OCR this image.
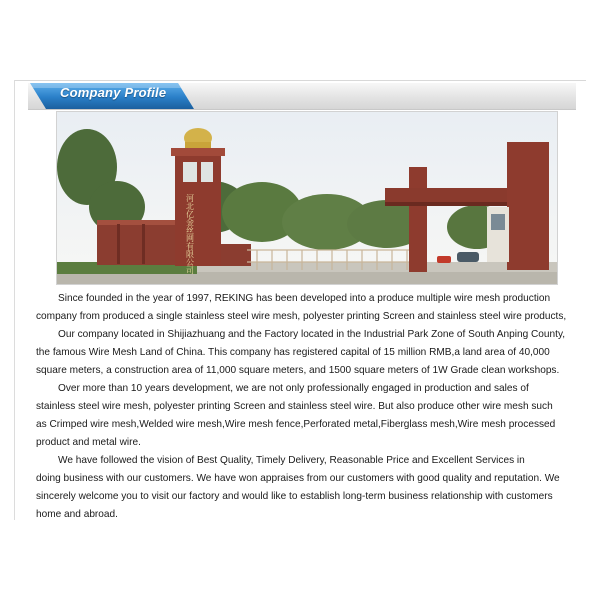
Company Profile
河北亿金丝网有限公司

Since founded in the year of 1997, REKING has been developed into a produce multiple wire mesh production
company from produced a single stainless steel wire mesh, polyester printing Screen and stainless steel wire products,

Our company located in Shijiazhuang and the Factory located in the Industrial Park Zone of South Anping County,
the famous Wire Mesh Land of China. This company has registered capital of 15 million RMB,a land area of 40,000
square meters, a construction area of 11,000 square meters, and 1500 square meters of 1W Grade clean workshops.

Over more than 10 years development, we are not only professionally engaged in production and sales of
stainless steel wire mesh, polyester printing Screen and stainless steel wire. But also produce other wire mesh such
as Crimped wire mesh,Welded wire mesh,Wire mesh fence,Perforated metal,Fiberglass mesh,Wire mesh processed
product and metal wire.

We have followed the vision of Best Quality, Timely Delivery, Reasonable Price and Excellent Services in
doing business with our customers. We have won appraises from our customers with good quality and reputation. We
sincerely welcome you to visit our factory and would like to establish long-term business relationship with customers
home and abroad.
